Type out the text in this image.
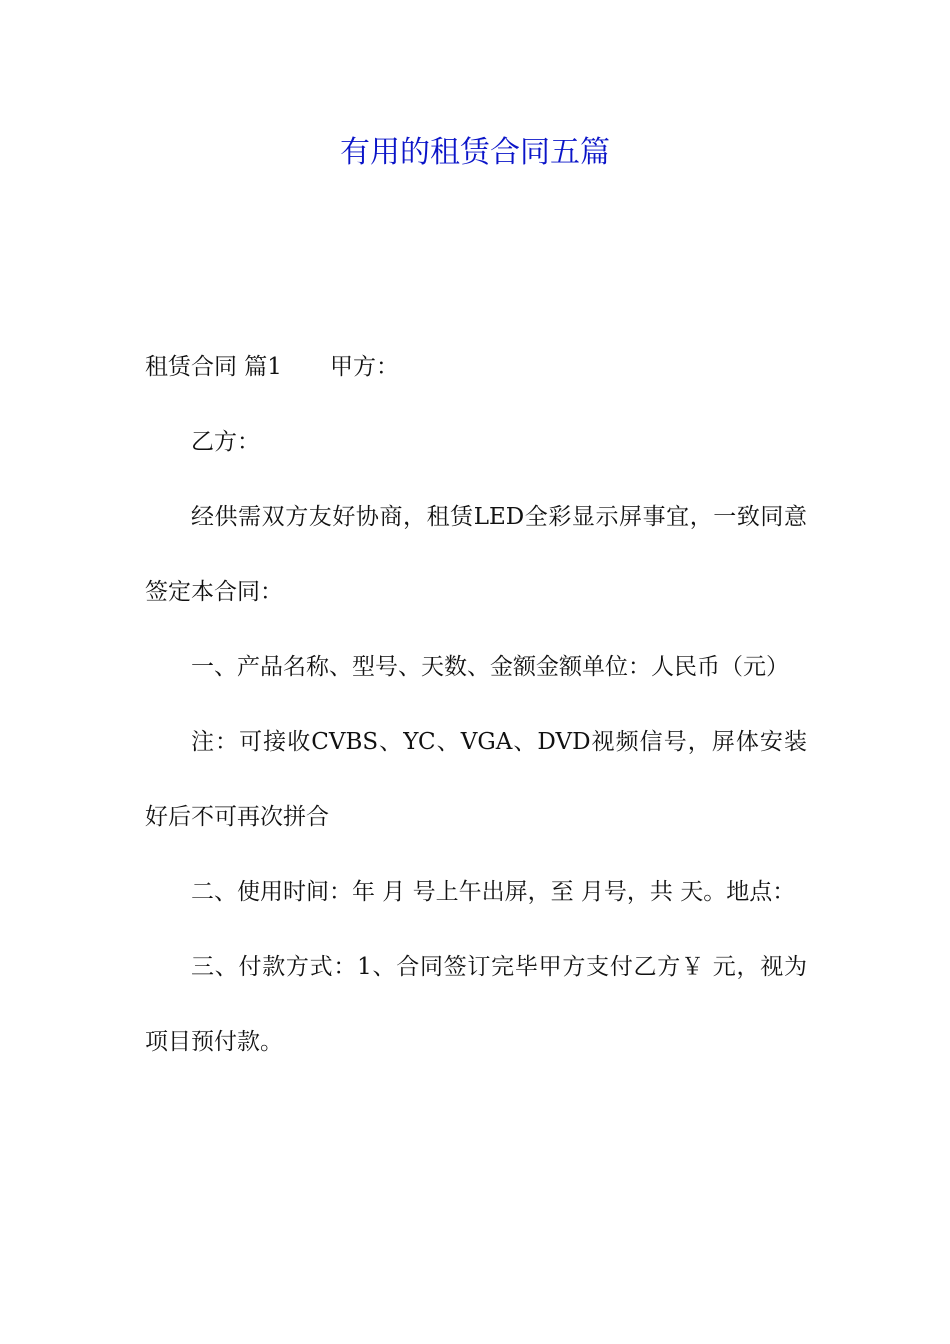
有用的租赁合同五篇

租赁合同 篇1 甲方：

乙方：

经供需双方友好协商，租赁LED全彩显示屏事宜，一致同意签定本合同：

一、产品名称、型号、天数、金额金额单位：人民币（元）

注：可接收CVBS、YC、VGA、DVD视频信号，屏体安装好后不可再次拼合

二、使用时间：年 月 号上午出屏，至 月号，共 天。地点：

三、付款方式：1、合同签订完毕甲方支付乙方￥ 元，视为项目预付款。
